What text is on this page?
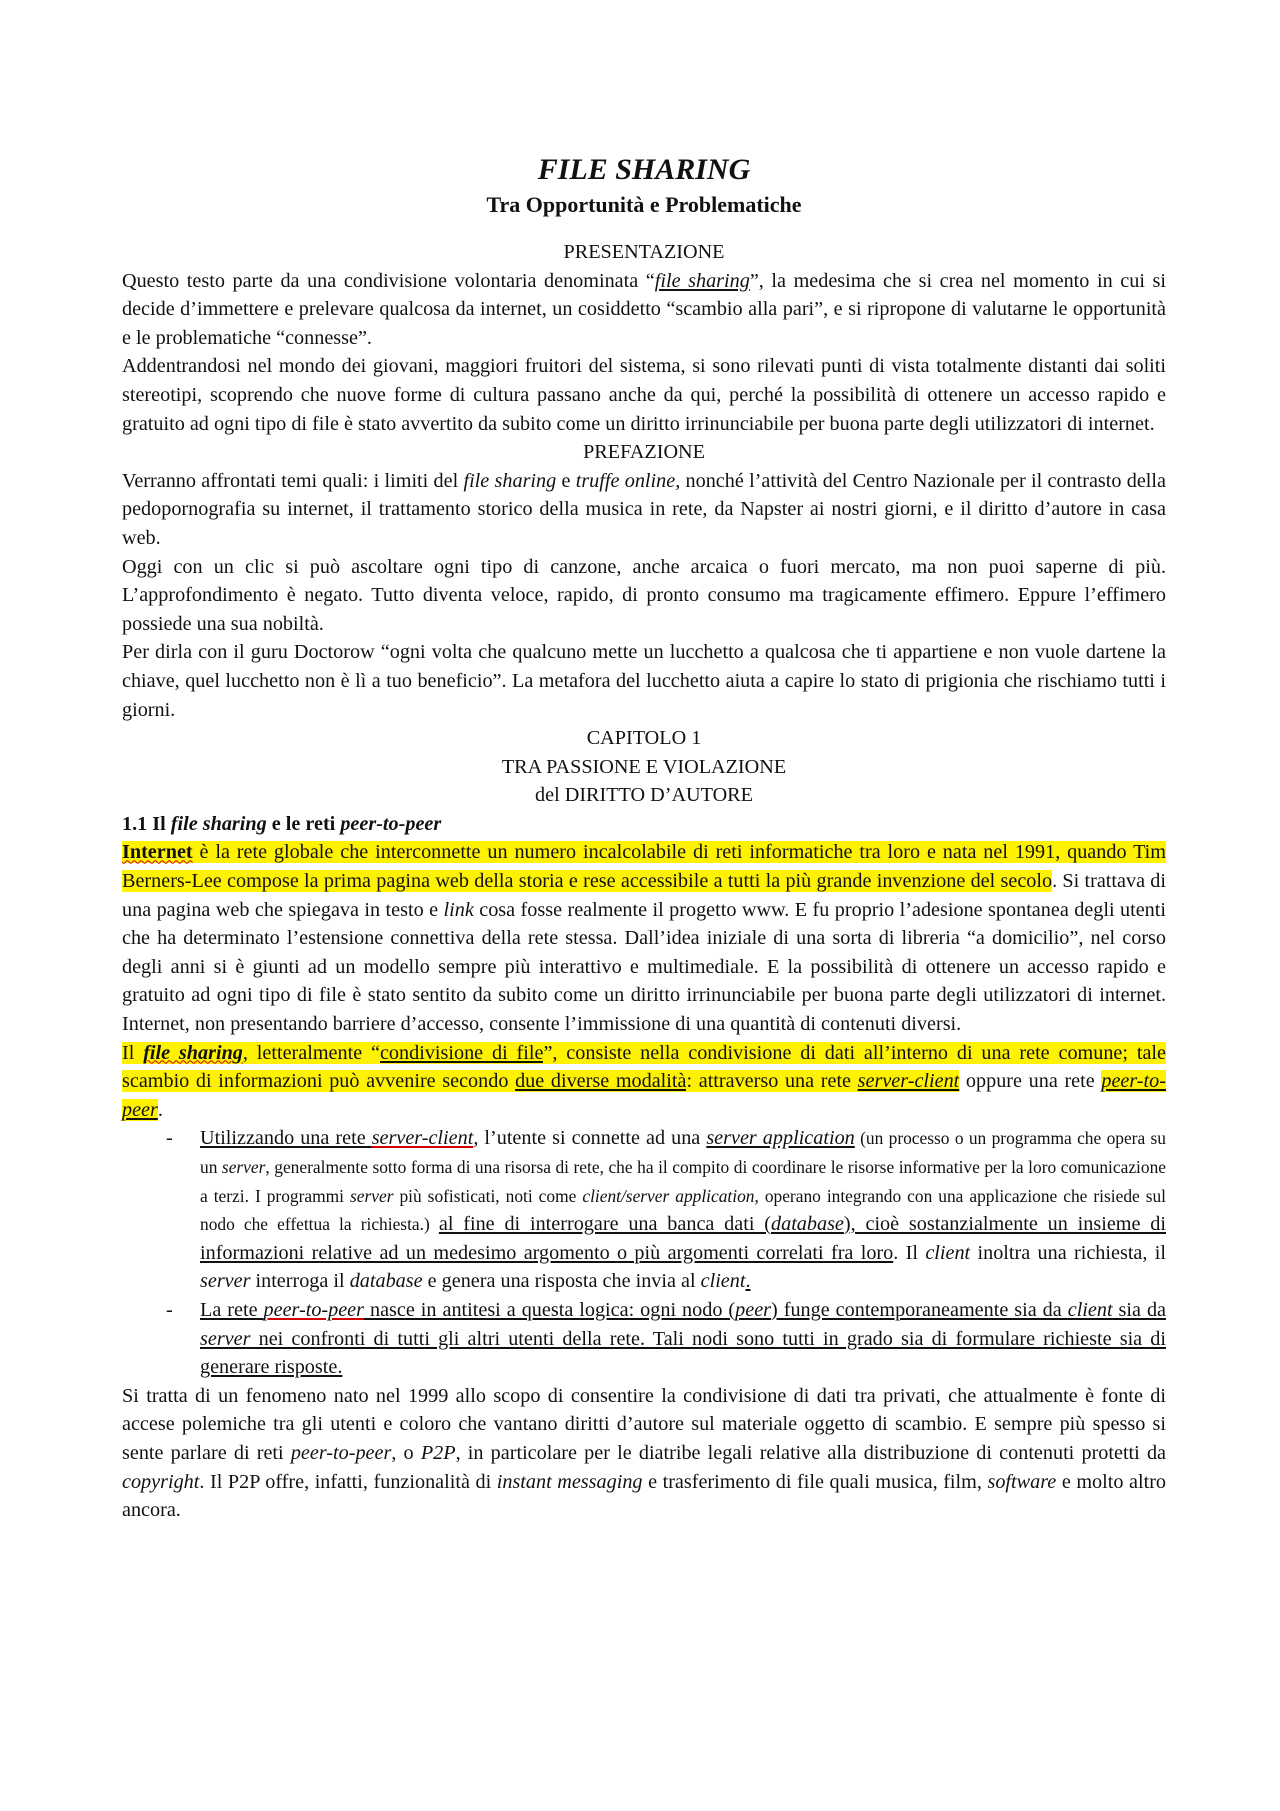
FILE SHARING
Tra Opportunità e Problematiche

PRESENTAZIONE

Questo testo parte da una condivisione volontaria denominata “file sharing”, la medesima che si crea nel momento in cui si decide d’immettere e prelevare qualcosa da internet, un cosiddetto “scambio alla pari”, e si ripropone di valutarne le opportunità e le problematiche “connesse”.

Addentrandosi nel mondo dei giovani, maggiori fruitori del sistema, si sono rilevati punti di vista totalmente distanti dai soliti stereotipi, scoprendo che nuove forme di cultura passano anche da qui, perché la possibilità di ottenere un accesso rapido e gratuito ad ogni tipo di file è stato avvertito da subito come un diritto irrinunciabile per buona parte degli utilizzatori di internet.

PREFAZIONE

Verranno affrontati temi quali: i limiti del file sharing e truffe online, nonché l’attività del Centro Nazionale per il contrasto della pedopornografia su internet, il trattamento storico della musica in rete, da Napster ai nostri giorni, e il diritto d’autore in casa web.

Oggi con un clic si può ascoltare ogni tipo di canzone, anche arcaica o fuori mercato, ma non puoi saperne di più. L’approfondimento è negato. Tutto diventa veloce, rapido, di pronto consumo ma tragicamente effimero. Eppure l’effimero possiede una sua nobiltà.

Per dirla con il guru Doctorow “ogni volta che qualcuno mette un lucchetto a qualcosa che ti appartiene e non vuole dartene la chiave, quel lucchetto non è lì a tuo beneficio”. La metafora del lucchetto aiuta a capire lo stato di prigionia che rischiamo tutti i giorni.

CAPITOLO 1

TRA PASSIONE E VIOLAZIONE

del DIRITTO D’AUTORE

1.1 Il file sharing e le reti peer-to-peer

Internet è la rete globale che interconnette un numero incalcolabile di reti informatiche tra loro e nata nel 1991, quando Tim Berners-Lee compose la prima pagina web della storia e rese accessibile a tutti la più grande invenzione del secolo. Si trattava di una pagina web che spiegava in testo e link cosa fosse realmente il progetto www. E fu proprio l’adesione spontanea degli utenti che ha determinato l’estensione connettiva della rete stessa. Dall’idea iniziale di una sorta di libreria “a domicilio”, nel corso degli anni si è giunti ad un modello sempre più interattivo e multimediale. E la possibilità di ottenere un accesso rapido e gratuito ad ogni tipo di file è stato sentito da subito come un diritto irrinunciabile per buona parte degli utilizzatori di internet. Internet, non presentando barriere d’accesso, consente l’immissione di una quantità di contenuti diversi.

Il file sharing, letteralmente “condivisione di file”, consiste nella condivisione di dati all’interno di una rete comune; tale scambio di informazioni può avvenire secondo due diverse modalità: attraverso una rete server-client oppure una rete peer-to-peer.

- Utilizzando una rete server-client, l’utente si connette ad una server application (un processo o un programma che opera su un server, generalmente sotto forma di una risorsa di rete, che ha il compito di coordinare le risorse informative per la loro comunicazione a terzi. I programmi server più sofisticati, noti come client/server application, operano integrando con una applicazione che risiede sul nodo che effettua la richiesta.) al fine di interrogare una banca dati (database), cioè sostanzialmente un insieme di informazioni relative ad un medesimo argomento o più argomenti correlati fra loro. Il client inoltra una richiesta, il server interroga il database e genera una risposta che invia al client.
- La rete peer-to-peer nasce in antitesi a questa logica: ogni nodo (peer) funge contemporaneamente sia da client sia da server nei confronti di tutti gli altri utenti della rete. Tali nodi sono tutti in grado sia di formulare richieste sia di generare risposte.

Si tratta di un fenomeno nato nel 1999 allo scopo di consentire la condivisione di dati tra privati, che attualmente è fonte di accese polemiche tra gli utenti e coloro che vantano diritti d’autore sul materiale oggetto di scambio. E sempre più spesso si sente parlare di reti peer-to-peer, o P2P, in particolare per le diatribe legali relative alla distribuzione di contenuti protetti da copyright. Il P2P offre, infatti, funzionalità di instant messaging e trasferimento di file quali musica, film, software e molto altro ancora.
